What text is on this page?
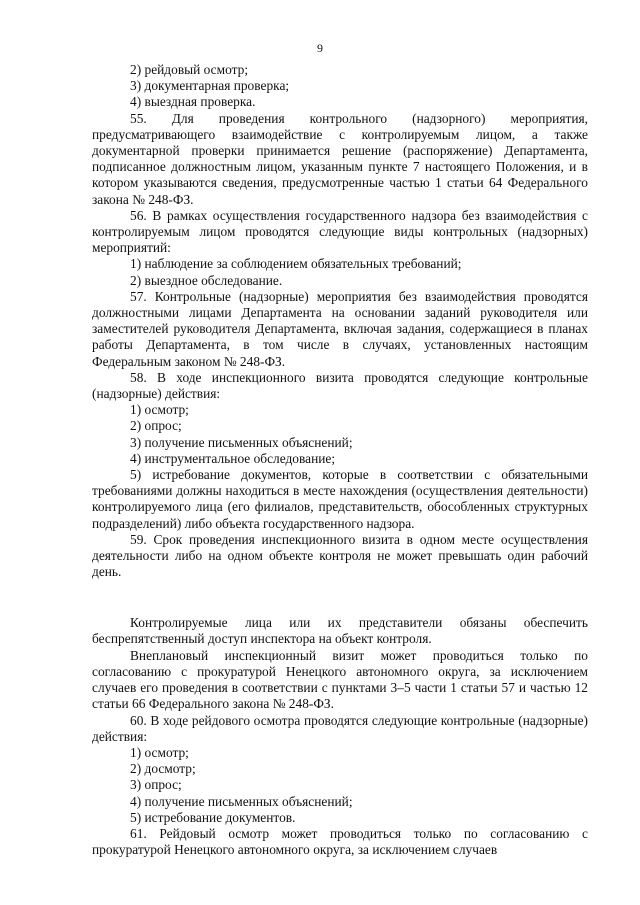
9

2) рейдовый осмотр;

3) документарная проверка;

4) выездная проверка.

55. Для проведения контрольного (надзорного) мероприятия, предусматривающего взаимодействие с контролируемым лицом, а также документарной проверки принимается решение (распоряжение) Департамента, подписанное должностным лицом, указанным пункте 7 настоящего Положения, и в котором указываются сведения, предусмотренные частью 1 статьи 64 Федерального закона № 248-ФЗ.

56. В рамках осуществления государственного надзора без взаимодействия с контролируемым лицом проводятся следующие виды контрольных (надзорных) мероприятий:

1) наблюдение за соблюдением обязательных требований;

2) выездное обследование.

57. Контрольные (надзорные) мероприятия без взаимодействия проводятся должностными лицами Департамента на основании заданий руководителя или заместителей руководителя Департамента, включая задания, содержащиеся в планах работы Департамента, в том числе в случаях, установленных настоящим Федеральным законом № 248-ФЗ.

58. В ходе инспекционного визита проводятся следующие контрольные (надзорные) действия:

1) осмотр;

2) опрос;

3) получение письменных объяснений;

4) инструментальное обследование;

5) истребование документов, которые в соответствии с обязательными требованиями должны находиться в месте нахождения (осуществления деятельности) контролируемого лица (его филиалов, представительств, обособленных структурных подразделений) либо объекта государственного надзора.

59. Срок проведения инспекционного визита в одном месте осуществления деятельности либо на одном объекте контроля не может превышать один рабочий день.

Контролируемые лица или их представители обязаны обеспечить беспрепятственный доступ инспектора на объект контроля.

Внеплановый инспекционный визит может проводиться только по согласованию с прокуратурой Ненецкого автономного округа, за исключением случаев его проведения в соответствии с пунктами 3–5 части 1 статьи 57 и частью 12 статьи 66 Федерального закона № 248-ФЗ.

60. В ходе рейдового осмотра проводятся следующие контрольные (надзорные) действия:

1) осмотр;

2) досмотр;

3) опрос;

4) получение письменных объяснений;

5) истребование документов.

61. Рейдовый осмотр может проводиться только по согласованию с прокуратурой Ненецкого автономного округа, за исключением случаев
